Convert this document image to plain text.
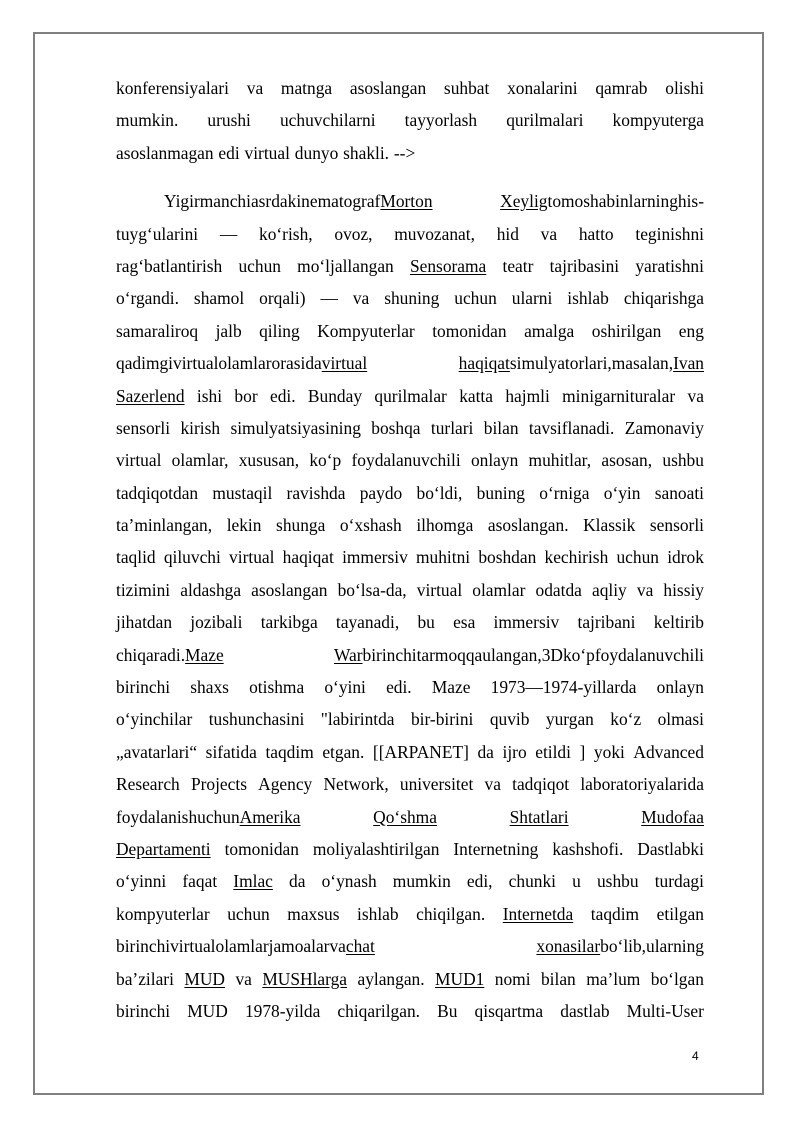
konferensiyalari va matnga asoslangan suhbat xonalarini qamrab olishi
mumkin. urushi uchuvchilarni tayyorlash qurilmalari kompyuterga
asoslanmagan edi virtual dunyo shakli. -->
Yigirmanchi asrda kinematograf Morton	Xeylig tomoshabinlarning his-
tuyg‘ularini — ko‘rish, ovoz, muvozanat, hid va hatto teginishni
rag‘batlantirish uchun mo‘ljallangan Sensorama teatr tajribasini yaratishni
o‘rgandi. shamol orqali) — va shuning uchun ularni ishlab chiqarishga
samaraliroq jalb qiling Kompyuterlar tomonidan amalga oshirilgan eng
qadimgi virtual olamlar orasida virtual	haqiqat simulyatorlari, masalan, Ivan
Sazerlend ishi bor edi. Bunday qurilmalar katta hajmli minigarnituralar va
sensorli kirish simulyatsiyasining boshqa turlari bilan tavsiflanadi. Zamonaviy
virtual olamlar, xususan, ko‘p foydalanuvchili onlayn muhitlar, asosan, ushbu
tadqiqotdan mustaqil ravishda paydo bo‘ldi, buning o‘rniga o‘yin sanoati
ta’minlangan, lekin shunga o‘xshash ilhomga asoslangan. Klassik sensorli
taqlid qiluvchi virtual haqiqat immersiv muhitni boshdan kechirish uchun idrok
tizimini aldashga asoslangan bo‘lsa-da, virtual olamlar odatda aqliy va hissiy
jihatdan jozibali tarkibga tayanadi, bu esa immersiv tajribani keltirib
chiqaradi. Maze	War birinchi tarmoqqa ulangan, 3D ko‘p foydalanuvchili
birinchi shaxs otishma o‘yini edi. Maze 1973—1974-yillarda onlayn
o‘yinchilar tushunchasini "labirintda bir-birini quvib yurgan ko‘z olmasi
„avatarlari“ sifatida taqdim etgan. [[ARPANET] da ijro etildi ] yoki Advanced
Research Projects Agency Network, universitet va tadqiqot laboratoriyalarida
foydalanish uchun Amerika	Qo‘shma	Shtatlari	Mudofaa
Departamenti tomonidan moliyalashtirilgan Internetning kashshofi. Dastlabki
o‘yinni faqat Imlac da o‘ynash mumkin edi, chunki u ushbu turdagi
kompyuterlar uchun maxsus ishlab chiqilgan. Internetda taqdim etilgan
birinchi virtual olamlar jamoalar va chat	xonasilar bo‘lib, ularning
ba’zilari MUD va MUSHlarga aylangan. MUD1 nomi bilan ma’lum bo‘lgan
birinchi MUD 1978-yilda chiqarilgan. Bu qisqartma dastlab Multi-User
4
